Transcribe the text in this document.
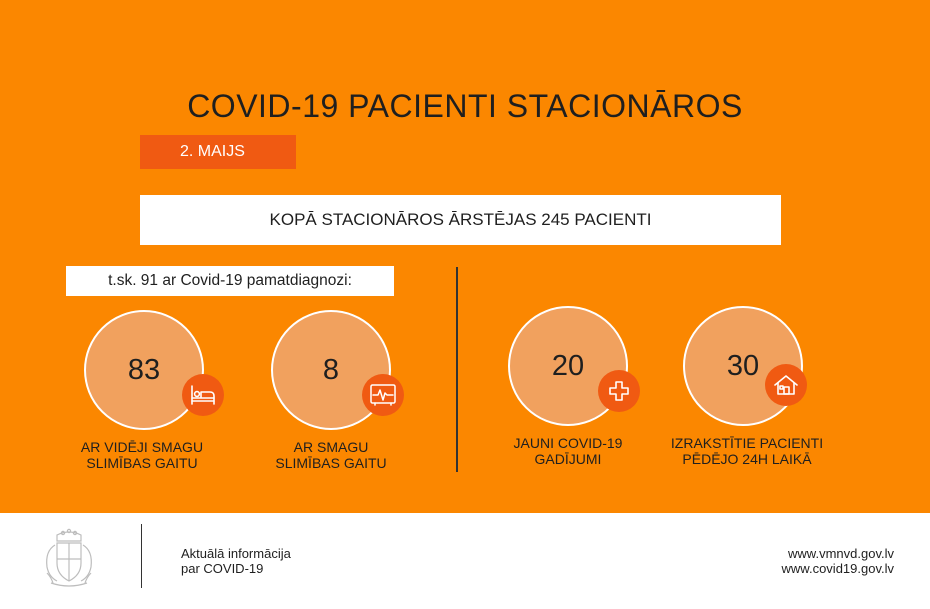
COVID-19 PACIENTI STACIONĀROS
2. MAIJS
KOPĀ STACIONĀROS ĀRSTĒJAS 245 PACIENTI
t.sk. 91 ar Covid-19 pamatdiagnozi:
83
AR VIDĒJI SMAGU
SLIMĪBAS GAITU
8
AR SMAGU
SLIMĪBAS GAITU
20
JAUNI COVID-19
GADĪJUMI
30
IZRAKSTĪTIE PACIENTI
PĒDĒJO 24H LAIKĀ
Aktuālā informācija
par COVID-19
www.vmnvd.gov.lv
www.covid19.gov.lv
